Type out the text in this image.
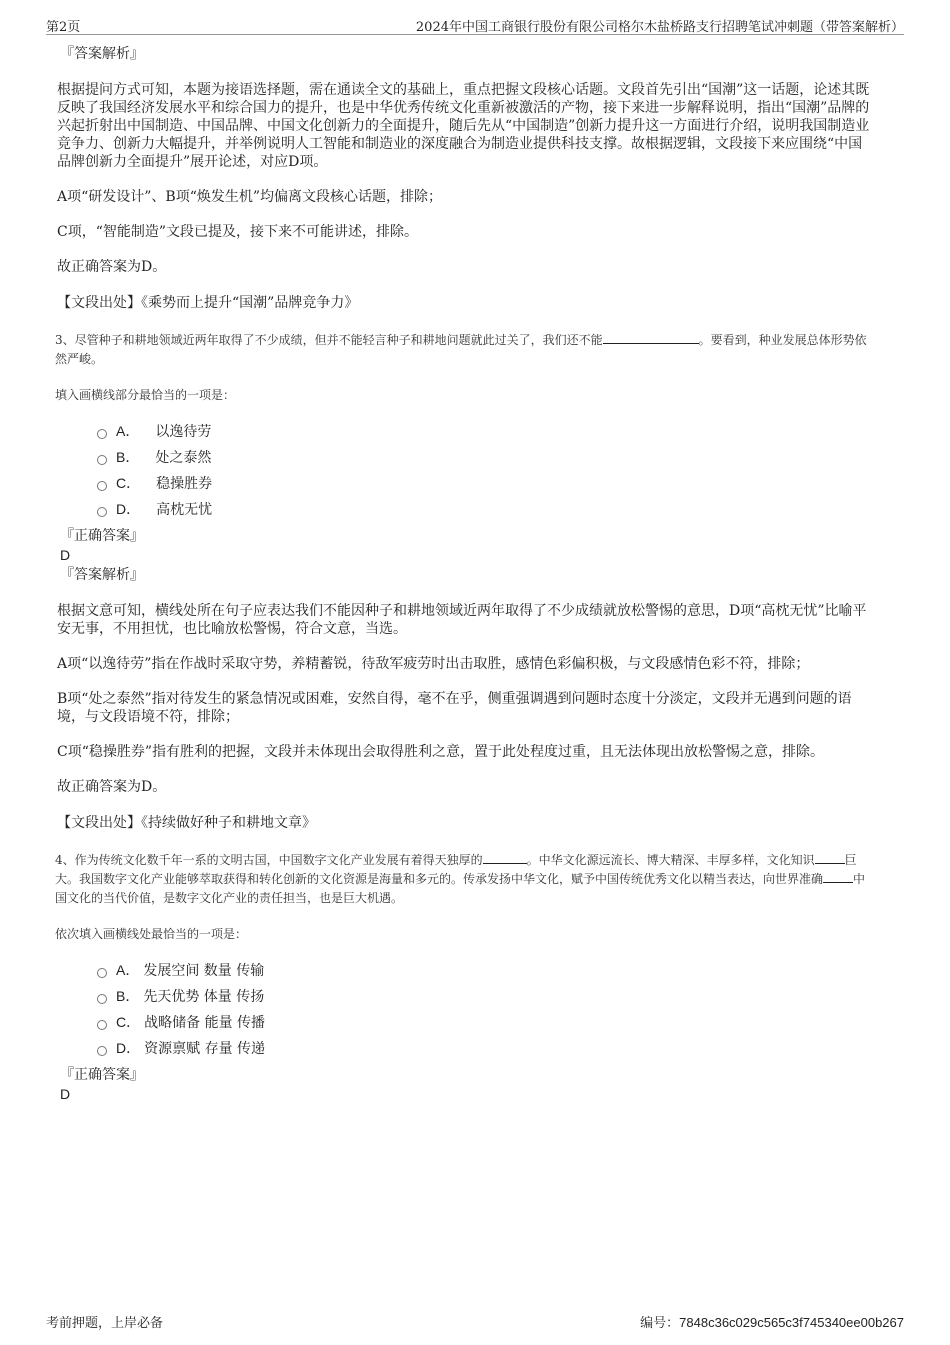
第2页	2024年中国工商银行股份有限公司格尔木盐桥路支行招聘笔试冲刺题（带答案解析）
『答案解析』

根据提问方式可知，本题为接语选择题，需在通读全文的基础上，重点把握文段核心话题。文段首先引出“国潮”这一话题，论述其既反映了我国经济发展水平和综合国力的提升，也是中华优秀传统文化重新被激活的产物，接下来进一步解释说明，指出“国潮”品牌的兴起折射出中国制造、中国品牌、中国文化创新力的全面提升，随后先从“中国制造”创新力提升这一方面进行介绍，说明我国制造业竞争力、创新力大幅提升，并举例说明人工智能和制造业的深度融合为制造业提供科技支撑。故根据逻辑，文段接下来应围绕“中国品牌创新力全面提升”展开论述，对应D项。

A项“研发设计”、B项“焕发生机”均偏离文段核心话题，排除；

C项，“智能制造”文段已提及，接下来不可能讲述，排除。

故正确答案为D。

【文段出处】《乘势而上提升“国潮”品牌竞争力》

3、尽管种子和耕地领域近两年取得了不少成绩，但并不能轻言种子和耕地问题就此过关了，我们还不能	。要看到，种业发展总体形势依然严峻。

填入画横线部分最恰当的一项是：

A． 以逸待劳
B． 处之泰然
C． 稳操胜券
D． 高枕无忧
『正确答案』
D
『答案解析』

根据文意可知，横线处所在句子应表达我们不能因种子和耕地领域近两年取得了不少成绩就放松警惕的意思，D项“高枕无忧”比喻平安无事，不用担忧，也比喻放松警惕，符合文意，当选。

A项“以逸待劳”指在作战时采取守势，养精蓄锐，待敌军疲劳时出击取胜，感情色彩偏积极，与文段感情色彩不符，排除；

B项“处之泰然”指对待发生的紧急情况或困难，安然自得，毫不在乎，侧重强调遇到问题时态度十分淡定，文段并无遇到问题的语境，与文段语境不符，排除；

C项“稳操胜券”指有胜利的把握，文段并未体现出会取得胜利之意，置于此处程度过重，且无法体现出放松警惕之意，排除。

故正确答案为D。

【文段出处】《持续做好种子和耕地文章》

4、作为传统文化数千年一系的文明古国，中国数字文化产业发展有着得天独厚的	。中华文化源远流长、博大精深、丰厚多样，文化知识	巨大。我国数字文化产业能够萃取获得和转化创新的文化资源是海量和多元的。传承发扬中华文化，赋予中国传统优秀文化以精当表达，向世界准确	中国文化的当代价值，是数字文化产业的责任担当，也是巨大机遇。

依次填入画横线处最恰当的一项是：

A． 发展空间 数量 传输
B． 先天优势 体量 传扬
C． 战略储备 能量 传播
D． 资源禀赋 存量 传递
『正确答案』
D
考前押题，上岸必备	编号：7848c36c029c565c3f745340ee00b267
